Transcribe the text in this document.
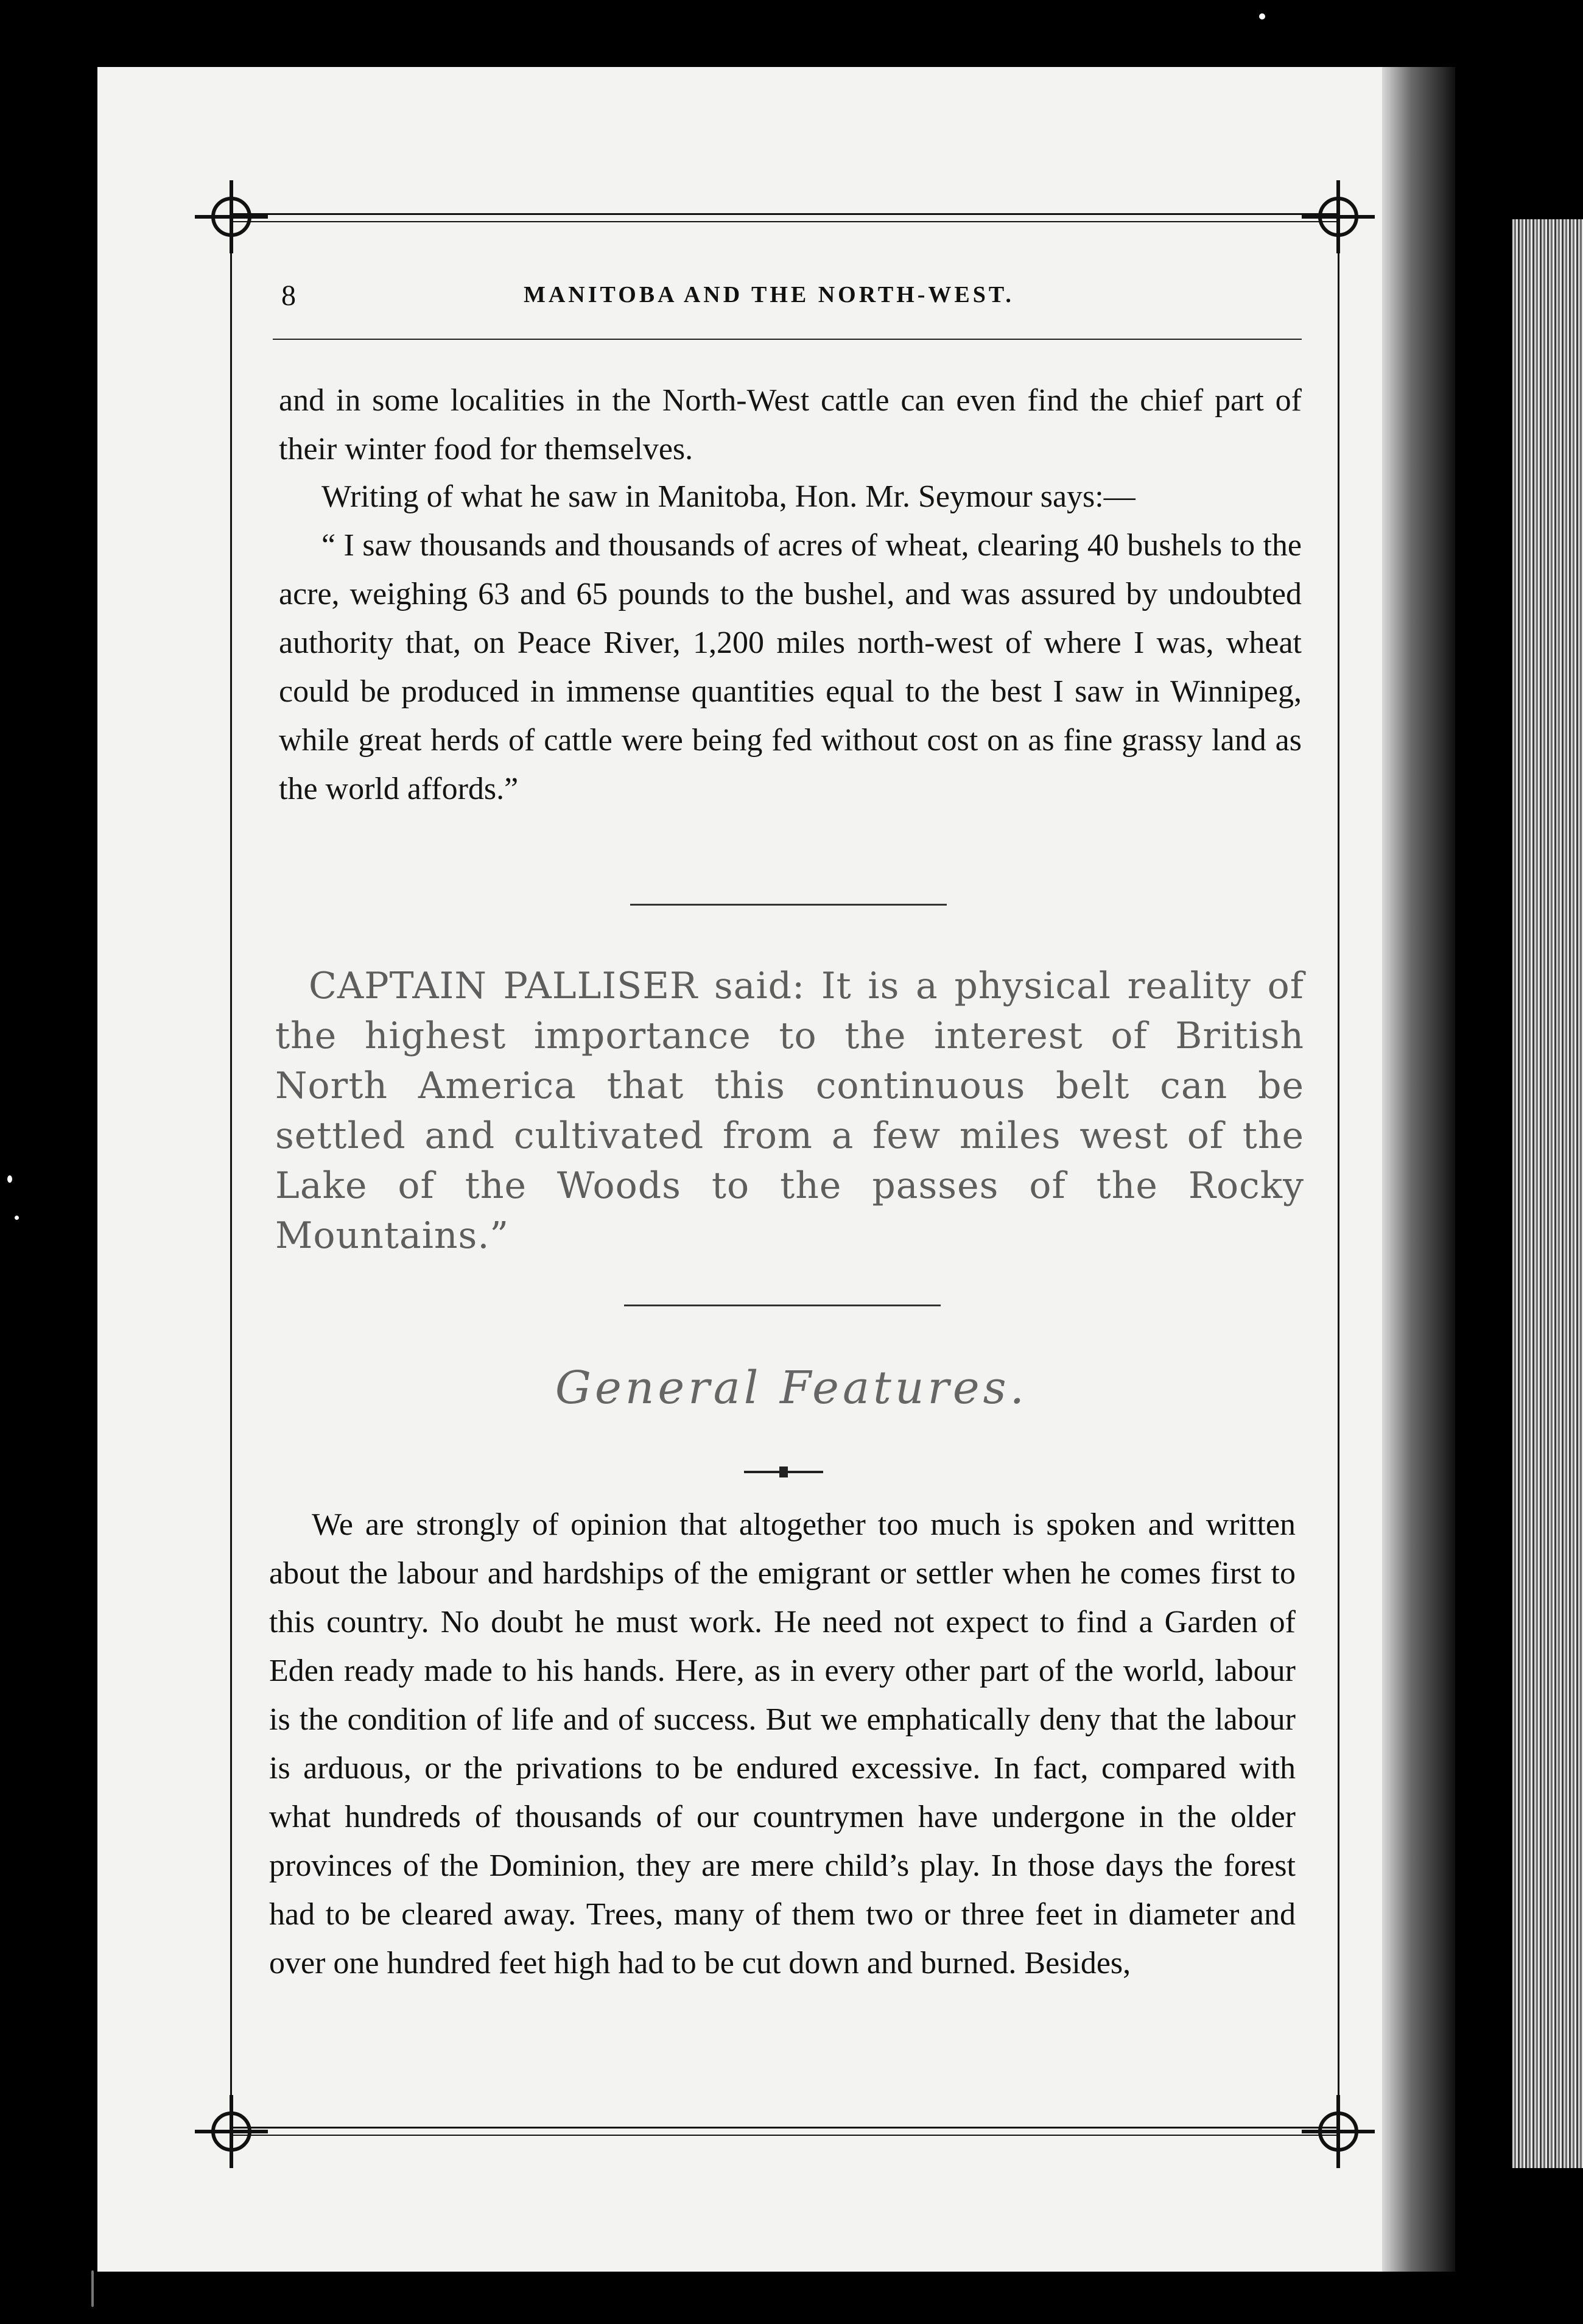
8	MANITOBA AND THE NORTH-WEST.

and in some localities in the North-West cattle can even find the chief part of their winter food for themselves.

Writing of what he saw in Manitoba, Hon. Mr. Seymour says:—

“ I saw thousands and thousands of acres of wheat, clearing 40 bushels to the acre, weighing 63 and 65 pounds to the bushel, and was assured by undoubted authority that, on Peace River, 1,200 miles north-west of where I was, wheat could be produced in immense quantities equal to the best I saw in Winnipeg, while great herds of cattle were being fed without cost on as fine grassy land as the world affords.”

CAPTAIN PALLISER said: It is a physical reality of the highest importance to the interest of British North America that this continuous belt can be settled and cultivated from a few miles west of the Lake of the Woods to the passes of the Rocky Mountains.”

General Features.

We are strongly of opinion that altogether too much is spoken and written about the labour and hardships of the emigrant or settler when he comes first to this country. No doubt he must work. He need not expect to find a Garden of Eden ready made to his hands. Here, as in every other part of the world, labour is the condition of life and of success. But we emphatically deny that the labour is arduous, or the privations to be endured excessive. In fact, compared with what hundreds of thousands of our countrymen have undergone in the older provinces of the Dominion, they are mere child’s play. In those days the forest had to be cleared away. Trees, many of them two or three feet in diameter and over one hundred feet high had to be cut down and burned. Besides,
